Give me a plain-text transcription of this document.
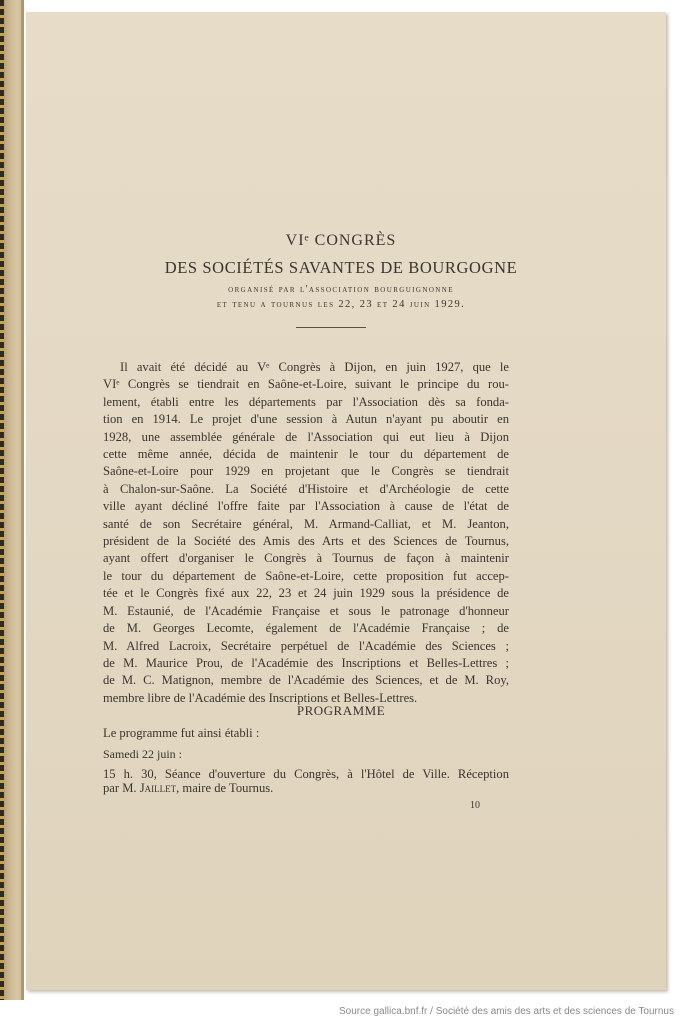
VIᵉ CONGRÈS
DES SOCIÉTÉS SAVANTES DE BOURGOGNE
organisé par l'association bourguignonne
et tenu a tournus les 22, 23 et 24 juin 1929.
Il avait été décidé au Vᵉ Congrès à Dijon, en juin 1927, que le
VIᵉ Congrès se tiendrait en Saône-et-Loire, suivant le principe du rou-
lement, établi entre les départements par l'Association dès sa fonda-
tion en 1914. Le projet d'une session à Autun n'ayant pu aboutir en
1928, une assemblée générale de l'Association qui eut lieu à Dijon
cette même année, décida de maintenir le tour du département de
Saône-et-Loire pour 1929 en projetant que le Congrès se tiendrait
à Chalon-sur-Saône. La Société d'Histoire et d'Archéologie de cette
ville ayant décliné l'offre faite par l'Association à cause de l'état de
santé de son Secrétaire général, M. Armand-Calliat, et M. Jeanton,
président de la Société des Amis des Arts et des Sciences de Tournus,
ayant offert d'organiser le Congrès à Tournus de façon à maintenir
le tour du département de Saône-et-Loire, cette proposition fut accep-
tée et le Congrès fixé aux 22, 23 et 24 juin 1929 sous la présidence de
M. Estaunié, de l'Académie Française et sous le patronage d'honneur
de M. Georges Lecomte, également de l'Académie Française ; de
M. Alfred Lacroix, Secrétaire perpétuel de l'Académie des Sciences ;
de M. Maurice Prou, de l'Académie des Inscriptions et Belles-Lettres ;
de M. C. Matignon, membre de l'Académie des Sciences, et de M. Roy,
membre libre de l'Académie des Inscriptions et Belles-Lettres.
PROGRAMME
Le programme fut ainsi établi :
Samedi 22 juin :
15 h. 30, Séance d'ouverture du Congrès, à l'Hôtel de Ville. Réception
par M. Jaillet, maire de Tournus.
10
Source gallica.bnf.fr / Société des amis des arts et des sciences de Tournus
